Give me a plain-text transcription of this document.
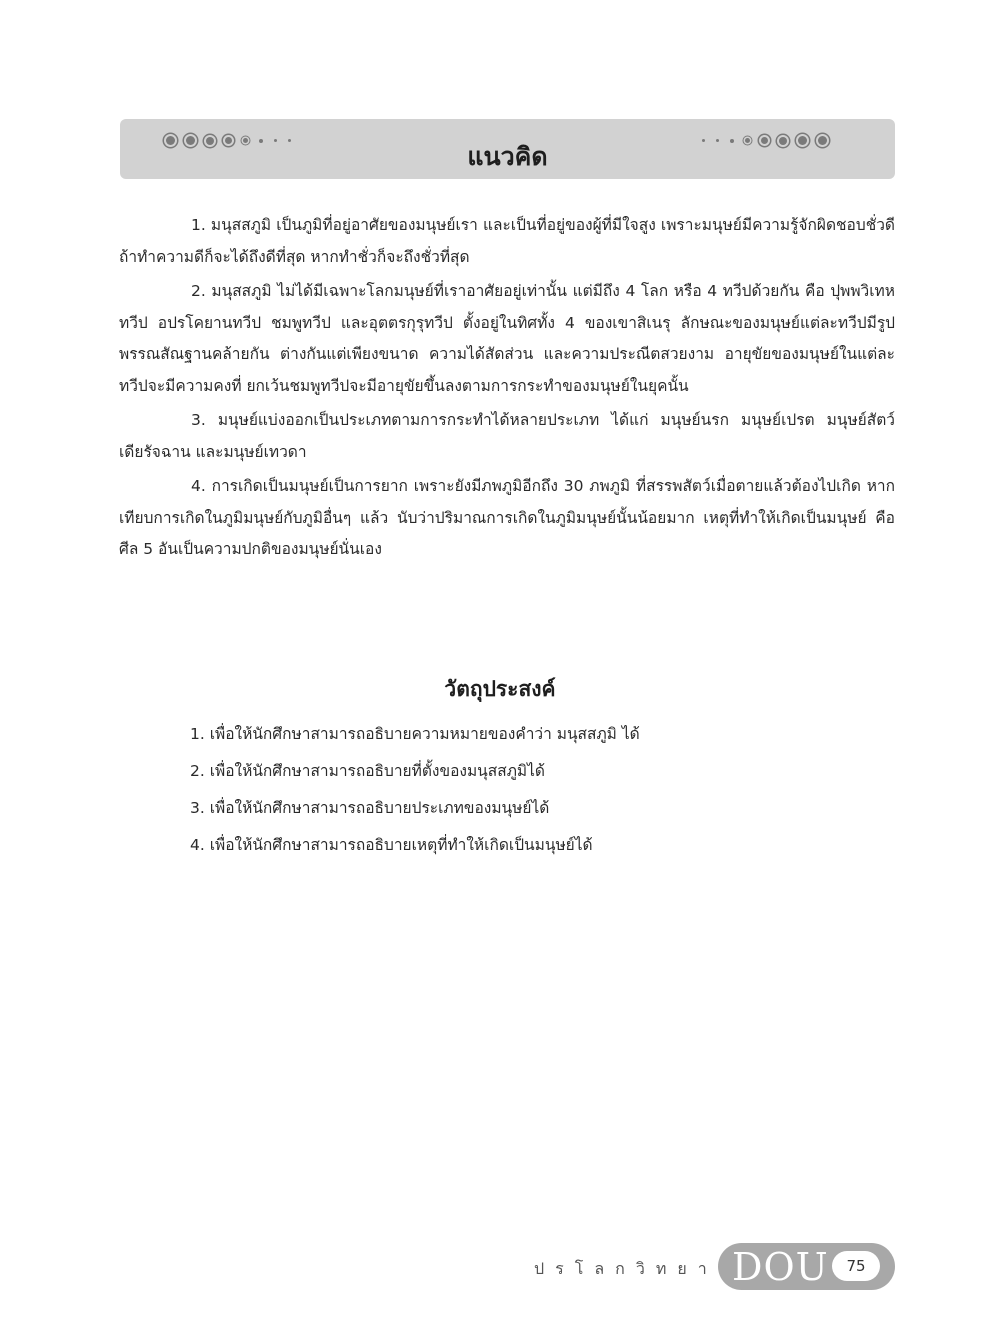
แนวคิด

1. มนุสสภูมิ เป็นภูมิที่อยู่อาศัยของมนุษย์เรา และเป็นที่อยู่ของผู้ที่มีใจสูง เพราะมนุษย์มีความรู้จักผิดชอบชั่วดี ถ้าทำความดีก็จะได้ถึงดีที่สุด หากทำชั่วก็จะถึงชั่วที่สุด

2. มนุสสภูมิ ไม่ได้มีเฉพาะโลกมนุษย์ที่เราอาศัยอยู่เท่านั้น แต่มีถึง 4 โลก หรือ 4 ทวีปด้วยกัน คือ ปุพพวิเทหทวีป อปรโคยานทวีป ชมพูทวีป และอุตตรกุรุทวีป ตั้งอยู่ในทิศทั้ง 4 ของเขาสิเนรุ ลักษณะของมนุษย์แต่ละทวีปมีรูปพรรณสัณฐานคล้ายกัน ต่างกันแต่เพียงขนาด ความได้สัดส่วน และความประณีตสวยงาม อายุขัยของมนุษย์ในแต่ละทวีปจะมีความคงที่ ยกเว้นชมพูทวีปจะมีอายุขัยขึ้นลงตามการกระทำของมนุษย์ในยุคนั้น

3. มนุษย์แบ่งออกเป็นประเภทตามการกระทำได้หลายประเภท ได้แก่ มนุษย์นรก มนุษย์เปรต มนุษย์สัตว์เดียรัจฉาน และมนุษย์เทวดา

4. การเกิดเป็นมนุษย์เป็นการยาก เพราะยังมีภพภูมิอีกถึง 30 ภพภูมิ ที่สรรพสัตว์เมื่อตายแล้วต้องไปเกิด หากเทียบการเกิดในภูมิมนุษย์กับภูมิอื่นๆ แล้ว นับว่าปริมาณการเกิดในภูมิมนุษย์นั้นน้อยมาก เหตุที่ทำให้เกิดเป็นมนุษย์ คือ ศีล 5 อันเป็นความปกติของมนุษย์นั่นเอง

วัตถุประสงค์
1. เพื่อให้นักศึกษาสามารถอธิบายความหมายของคำว่า มนุสสภูมิ ได้
2. เพื่อให้นักศึกษาสามารถอธิบายที่ตั้งของมนุสสภูมิได้
3. เพื่อให้นักศึกษาสามารถอธิบายประเภทของมนุษย์ได้
4. เพื่อให้นักศึกษาสามารถอธิบายเหตุที่ทำให้เกิดเป็นมนุษย์ได้
ปรโลกวิทยา DOU	75
